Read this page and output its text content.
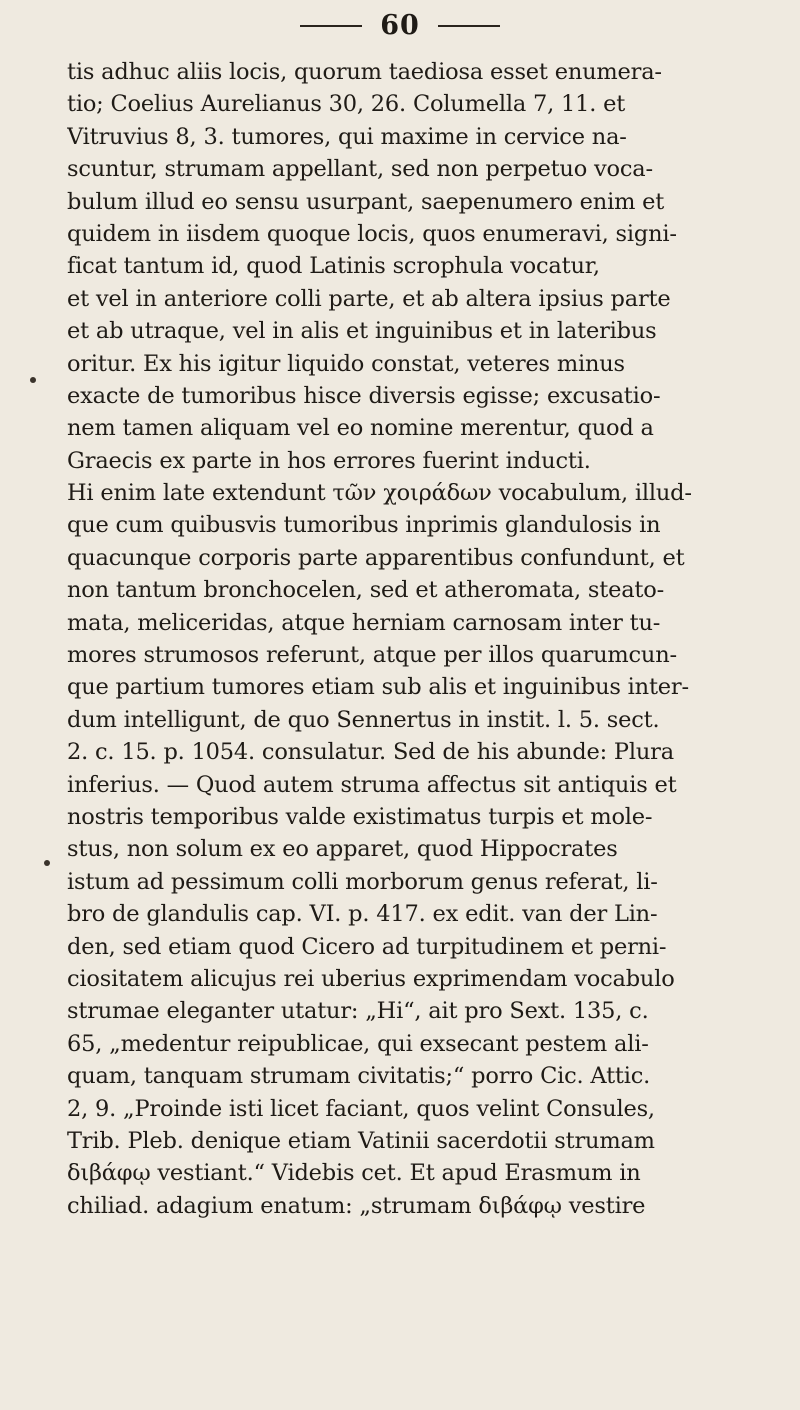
60
tis adhuc aliis locis, quorum taediosa esset enumera-
tio; Coelius Aurelianus 30, 26. Columella 7, 11. et
Vitruvius 8, 3. tumores, qui maxime in cervice na-
scuntur, strumam appellant, sed non perpetuo voca-
bulum illud eo sensu usurpant, saepenumero enim et
quidem in iisdem quoque locis, quos enumeravi, signi-
ficat tantum id, quod Latinis scrophula vocatur,
et vel in anteriore colli parte, et ab altera ipsius parte
et ab utraque, vel in alis et inguinibus et in lateribus
oritur. Ex his igitur liquido constat, veteres minus
exacte de tumoribus hisce diversis egisse; excusatio-
nem tamen aliquam vel eo nomine merentur, quod a
Graecis ex parte in hos errores fuerint inducti.
Hi enim late extendunt τῶν χοιράδων vocabulum, illud-
que cum quibusvis tumoribus inprimis glandulosis in
quacunque corporis parte apparentibus confundunt, et
non tantum bronchocelen, sed et atheromata, steato-
mata, meliceridas, atque herniam carnosam inter tu-
mores strumosos referunt, atque per illos quarumcun-
que partium tumores etiam sub alis et inguinibus inter-
dum intelligunt, de quo Sennertus in instit. l. 5. sect.
2. c. 15. p. 1054. consulatur. Sed de his abunde: Plura
inferius. — Quod autem struma affectus sit antiquis et
nostris temporibus valde existimatus turpis et mole-
stus, non solum ex eo apparet, quod Hippocrates
istum ad pessimum colli morborum genus referat, li-
bro de glandulis cap. VI. p. 417. ex edit. van der Lin-
den, sed etiam quod Cicero ad turpitudinem et perni-
ciositatem alicujus rei uberius exprimendam vocabulo
strumae eleganter utatur: „Hi“, ait pro Sext. 135, c.
65, „medentur reipublicae, qui exsecant pestem ali-
quam, tanquam strumam civitatis;“ porro Cic. Attic.
2, 9. „Proinde isti licet faciant, quos velint Consules,
Trib. Pleb. denique etiam Vatinii sacerdotii strumam
διβάφῳ vestiant.“ Videbis cet. Et apud Erasmum in
chiliad. adagium enatum: „strumam διβάφῳ vestire
